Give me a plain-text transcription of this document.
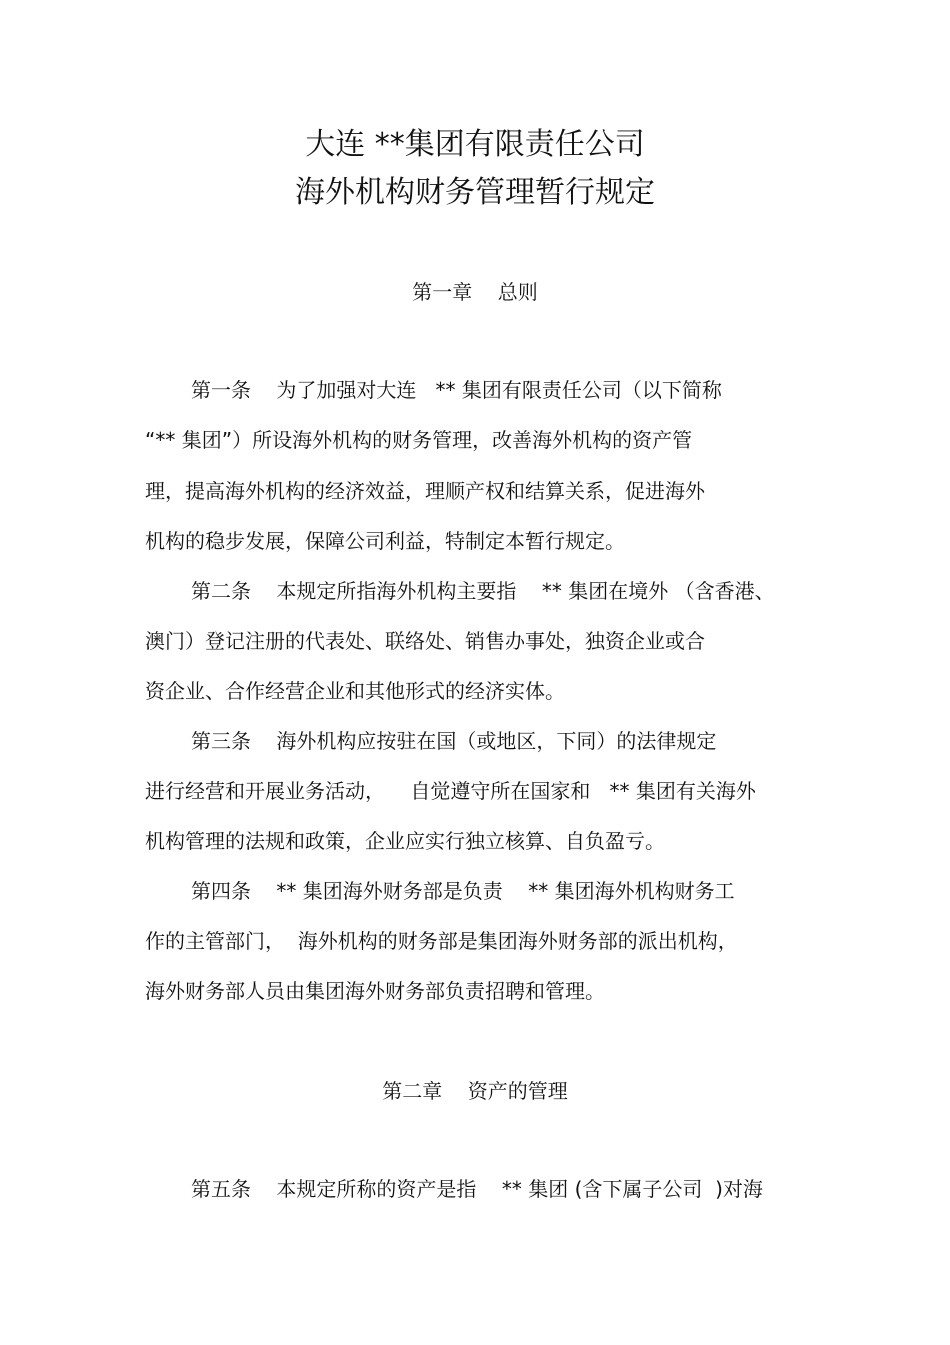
大连 **集团有限责任公司
海外机构财务管理暂行规定
第一章    总则
第一条    为了加强对大连   ** 集团有限责任公司（以下简称
“** 集团”）所设海外机构的财务管理，改善海外机构的资产管
理，提高海外机构的经济效益，理顺产权和结算关系，促进海外
机构的稳步发展，保障公司利益，特制定本暂行规定。
第二条    本规定所指海外机构主要指    ** 集团在境外 （含香港、
澳门）登记注册的代表处、联络处、销售办事处，独资企业或合
资企业、合作经营企业和其他形式的经济实体。
第三条    海外机构应按驻在国（或地区，下同）的法律规定
进行经营和开展业务活动，    自觉遵守所在国家和   ** 集团有关海外
机构管理的法规和政策，企业应实行独立核算、自负盈亏。
第四条    ** 集团海外财务部是负责    ** 集团海外机构财务工
作的主管部门，  海外机构的财务部是集团海外财务部的派出机构，
海外财务部人员由集团海外财务部负责招聘和管理。
第二章    资产的管理
第五条    本规定所称的资产是指    ** 集团 (含下属子公司  )对海
